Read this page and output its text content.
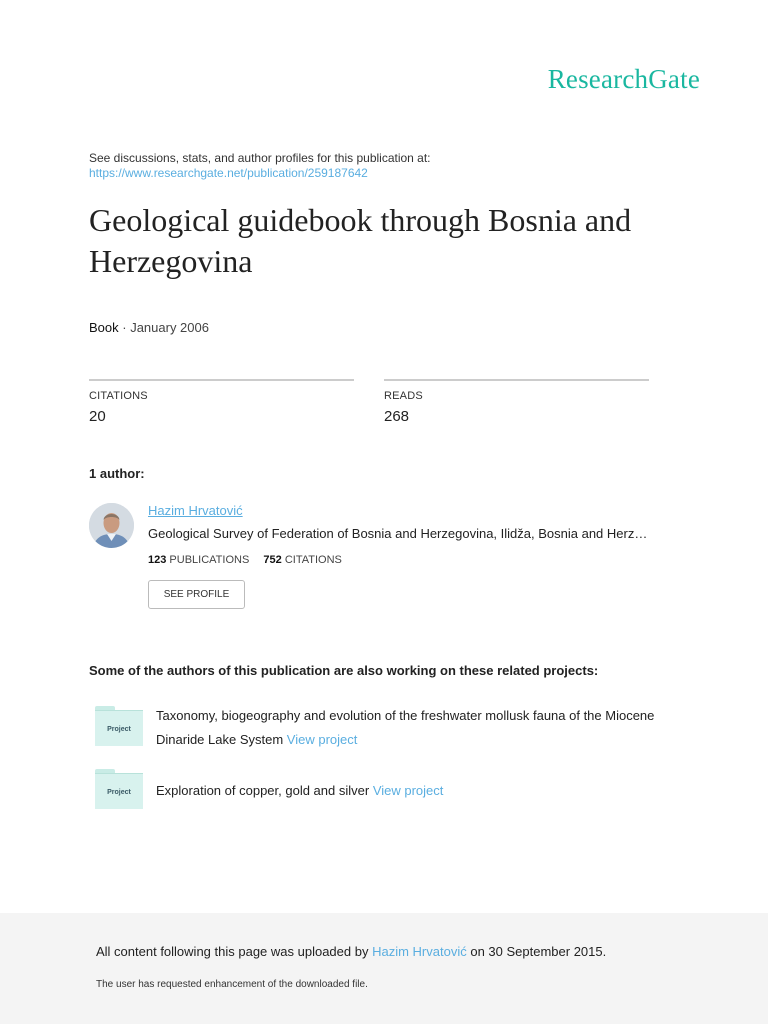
ResearchGate
See discussions, stats, and author profiles for this publication at:
https://www.researchgate.net/publication/259187642
Geological guidebook through Bosnia and Herzegovina
Book · January 2006
CITATIONS
20
READS
268
1 author:
Hazim Hrvatović
Geological Survey of Federation of Bosnia and Herzegovina, Ilidža, Bosnia and Herz…
123 PUBLICATIONS 752 CITATIONS
SEE PROFILE
Some of the authors of this publication are also working on these related projects:
Project
Taxonomy, biogeography and evolution of the freshwater mollusk fauna of the Miocene Dinaride Lake System View project
Project	Exploration of copper, gold and silver View project
All content following this page was uploaded by Hazim Hrvatović on 30 September 2015.
The user has requested enhancement of the downloaded file.
